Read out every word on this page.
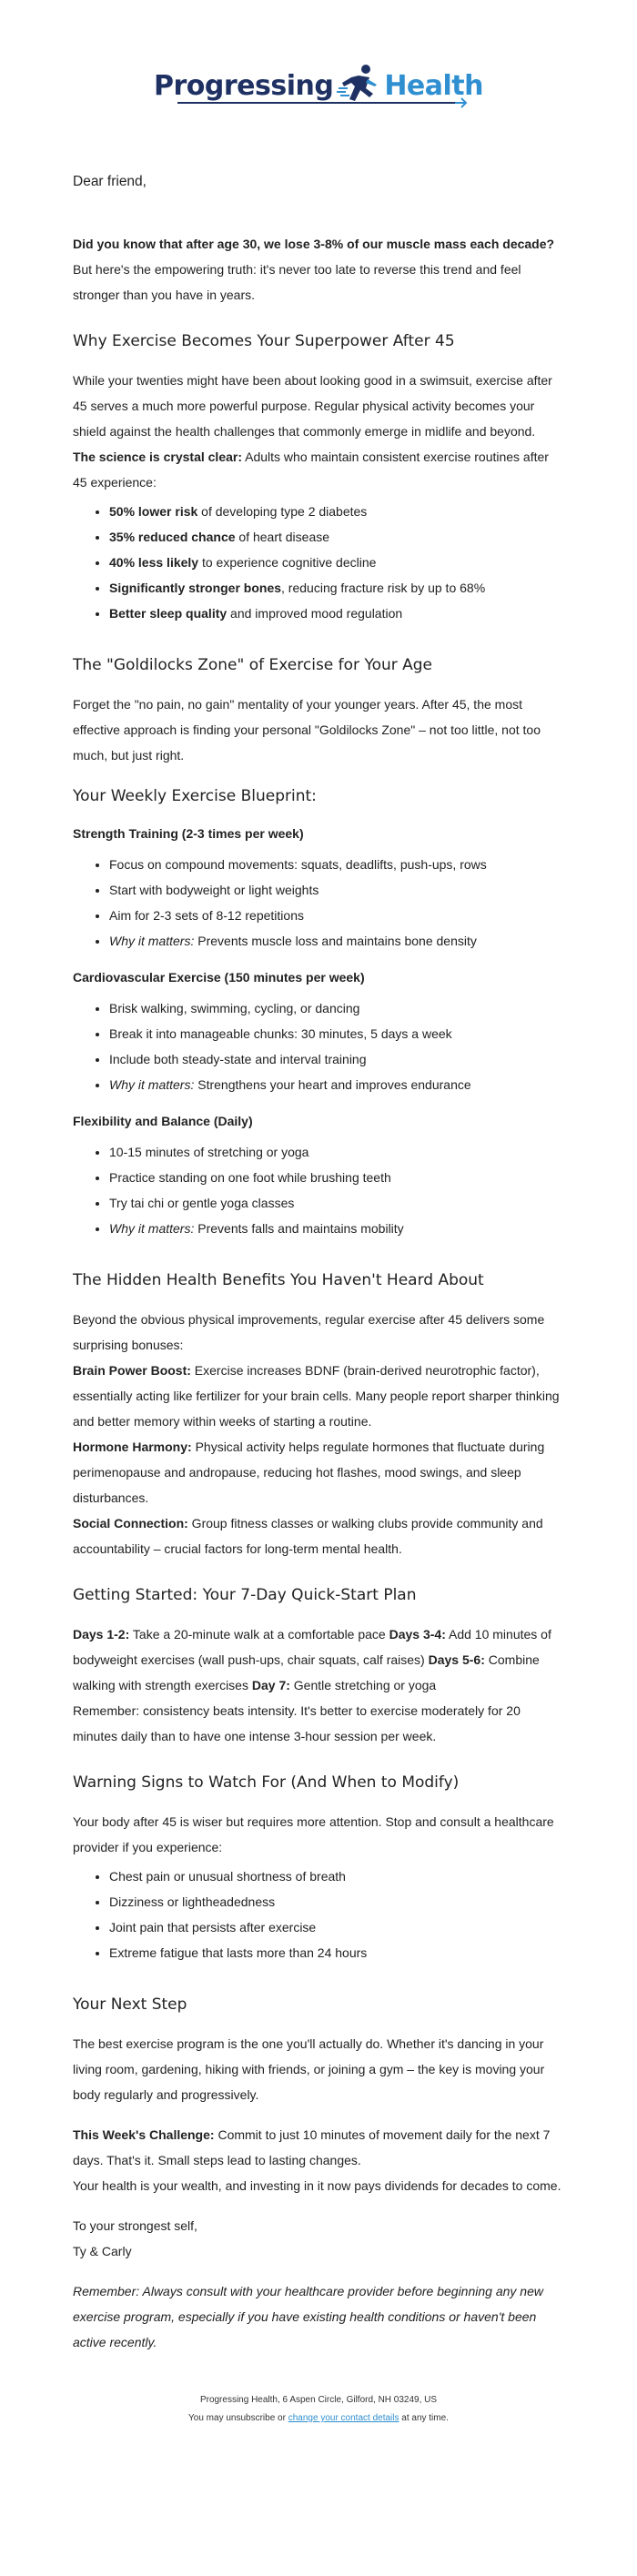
Progressing Health

Dear friend,

Did you know that after age 30, we lose 3-8% of our muscle mass each decade? But here's the empowering truth: it's never too late to reverse this trend and feel stronger than you have in years.

Why Exercise Becomes Your Superpower After 45

While your twenties might have been about looking good in a swimsuit, exercise after 45 serves a much more powerful purpose. Regular physical activity becomes your shield against the health challenges that commonly emerge in midlife and beyond.

The science is crystal clear: Adults who maintain consistent exercise routines after 45 experience:

• 50% lower risk of developing type 2 diabetes
• 35% reduced chance of heart disease
• 40% less likely to experience cognitive decline
• Significantly stronger bones, reducing fracture risk by up to 68%
• Better sleep quality and improved mood regulation
The "Goldilocks Zone" of Exercise for Your Age

Forget the "no pain, no gain" mentality of your younger years. After 45, the most effective approach is finding your personal "Goldilocks Zone" – not too little, not too much, but just right.

Your Weekly Exercise Blueprint:
Strength Training (2-3 times per week)
• Focus on compound movements: squats, deadlifts, push-ups, rows
• Start with bodyweight or light weights
• Aim for 2-3 sets of 8-12 repetitions
• Why it matters: Prevents muscle loss and maintains bone density
Cardiovascular Exercise (150 minutes per week)
• Brisk walking, swimming, cycling, or dancing
• Break it into manageable chunks: 30 minutes, 5 days a week
• Include both steady-state and interval training
• Why it matters: Strengthens your heart and improves endurance
Flexibility and Balance (Daily)
• 10-15 minutes of stretching or yoga
• Practice standing on one foot while brushing teeth
• Try tai chi or gentle yoga classes
• Why it matters: Prevents falls and maintains mobility
The Hidden Health Benefits You Haven't Heard About

Beyond the obvious physical improvements, regular exercise after 45 delivers some surprising bonuses:

Brain Power Boost: Exercise increases BDNF (brain-derived neurotrophic factor), essentially acting like fertilizer for your brain cells. Many people report sharper thinking and better memory within weeks of starting a routine.

Hormone Harmony: Physical activity helps regulate hormones that fluctuate during perimenopause and andropause, reducing hot flashes, mood swings, and sleep disturbances.

Social Connection: Group fitness classes or walking clubs provide community and accountability – crucial factors for long-term mental health.

Getting Started: Your 7-Day Quick-Start Plan

Days 1-2: Take a 20-minute walk at a comfortable pace Days 3-4: Add 10 minutes of bodyweight exercises (wall push-ups, chair squats, calf raises) Days 5-6: Combine walking with strength exercises Day 7: Gentle stretching or yoga

Remember: consistency beats intensity. It's better to exercise moderately for 20 minutes daily than to have one intense 3-hour session per week.

Warning Signs to Watch For (And When to Modify)

Your body after 45 is wiser but requires more attention. Stop and consult a healthcare provider if you experience:

• Chest pain or unusual shortness of breath
• Dizziness or lightheadedness
• Joint pain that persists after exercise
• Extreme fatigue that lasts more than 24 hours
Your Next Step

The best exercise program is the one you'll actually do. Whether it's dancing in your living room, gardening, hiking with friends, or joining a gym – the key is moving your body regularly and progressively.

This Week's Challenge: Commit to just 10 minutes of movement daily for the next 7 days. That's it. Small steps lead to lasting changes.

Your health is your wealth, and investing in it now pays dividends for decades to come.

To your strongest self,

Ty & Carly

Remember: Always consult with your healthcare provider before beginning any new exercise program, especially if you have existing health conditions or haven't been active recently.

Progressing Health, 6 Aspen Circle, Gilford, NH 03249, US
You may unsubscribe or change your contact details at any time.
